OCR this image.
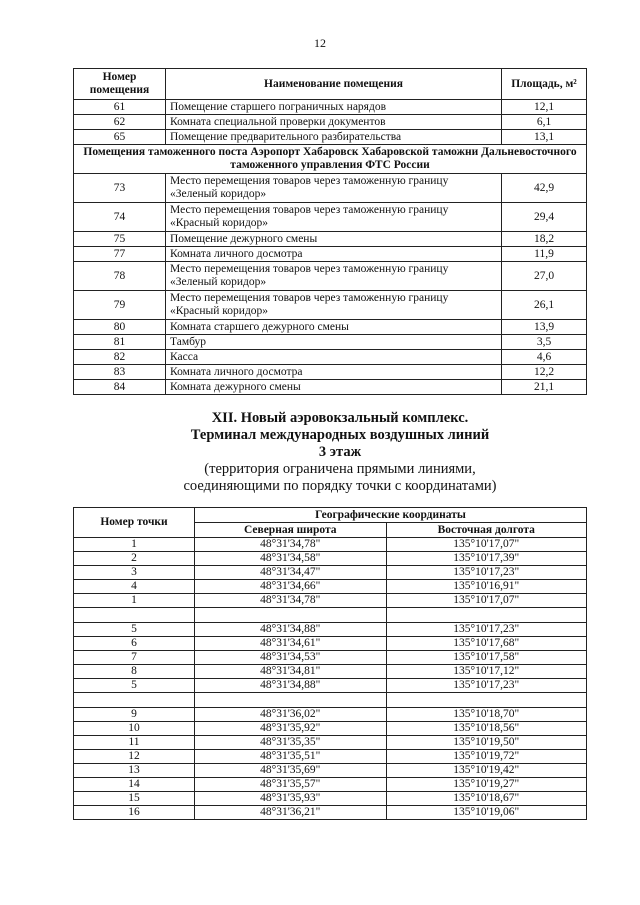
12
Номер помещения	Наименование помещения	Площадь, м²
61	Помещение старшего пограничных нарядов	12,1
62	Комната специальной проверки документов	6,1
65	Помещение предварительного разбирательства	13,1
Помещения таможенного поста Аэропорт Хабаровск Хабаровской таможни Дальневосточного таможенного управления ФТС России		
73	Место перемещения товаров через таможенную границу «Зеленый коридор»	42,9
74	Место перемещения товаров через таможенную границу «Красный коридор»	29,4
75	Помещение дежурного смены	18,2
77	Комната личного досмотра	11,9
78	Место перемещения товаров через таможенную границу «Зеленый коридор»	27,0
79	Место перемещения товаров через таможенную границу «Красный коридор»	26,1
80	Комната старшего дежурного смены	13,9
81	Тамбур	3,5
82	Касса	4,6
83	Комната личного досмотра	12,2
84	Комната дежурного смены	21,1
XII. Новый аэровокзальный комплекс.
Терминал международных воздушных линий
3 этаж
(территория ограничена прямыми линиями,
соединяющими по порядку точки с координатами)
Номер точки	Географические координаты	
	Северная широта	Восточная долгота
1	48°31'34,78"	135°10'17,07"
2	48°31'34,58"	135°10'17,39"
3	48°31'34,47"	135°10'17,23"
4	48°31'34,66"	135°10'16,91"
1	48°31'34,78"	135°10'17,07"

5	48°31'34,88"	135°10'17,23"
6	48°31'34,61"	135°10'17,68"
7	48°31'34,53"	135°10'17,58"
8	48°31'34,81"	135°10'17,12"
5	48°31'34,88"	135°10'17,23"

9	48°31'36,02"	135°10'18,70"
10	48°31'35,92"	135°10'18,56"
11	48°31'35,35"	135°10'19,50"
12	48°31'35,51"	135°10'19,72"
13	48°31'35,69"	135°10'19,42"
14	48°31'35,57"	135°10'19,27"
15	48°31'35,93"	135°10'18,67"
16	48°31'36,21"	135°10'19,06"
